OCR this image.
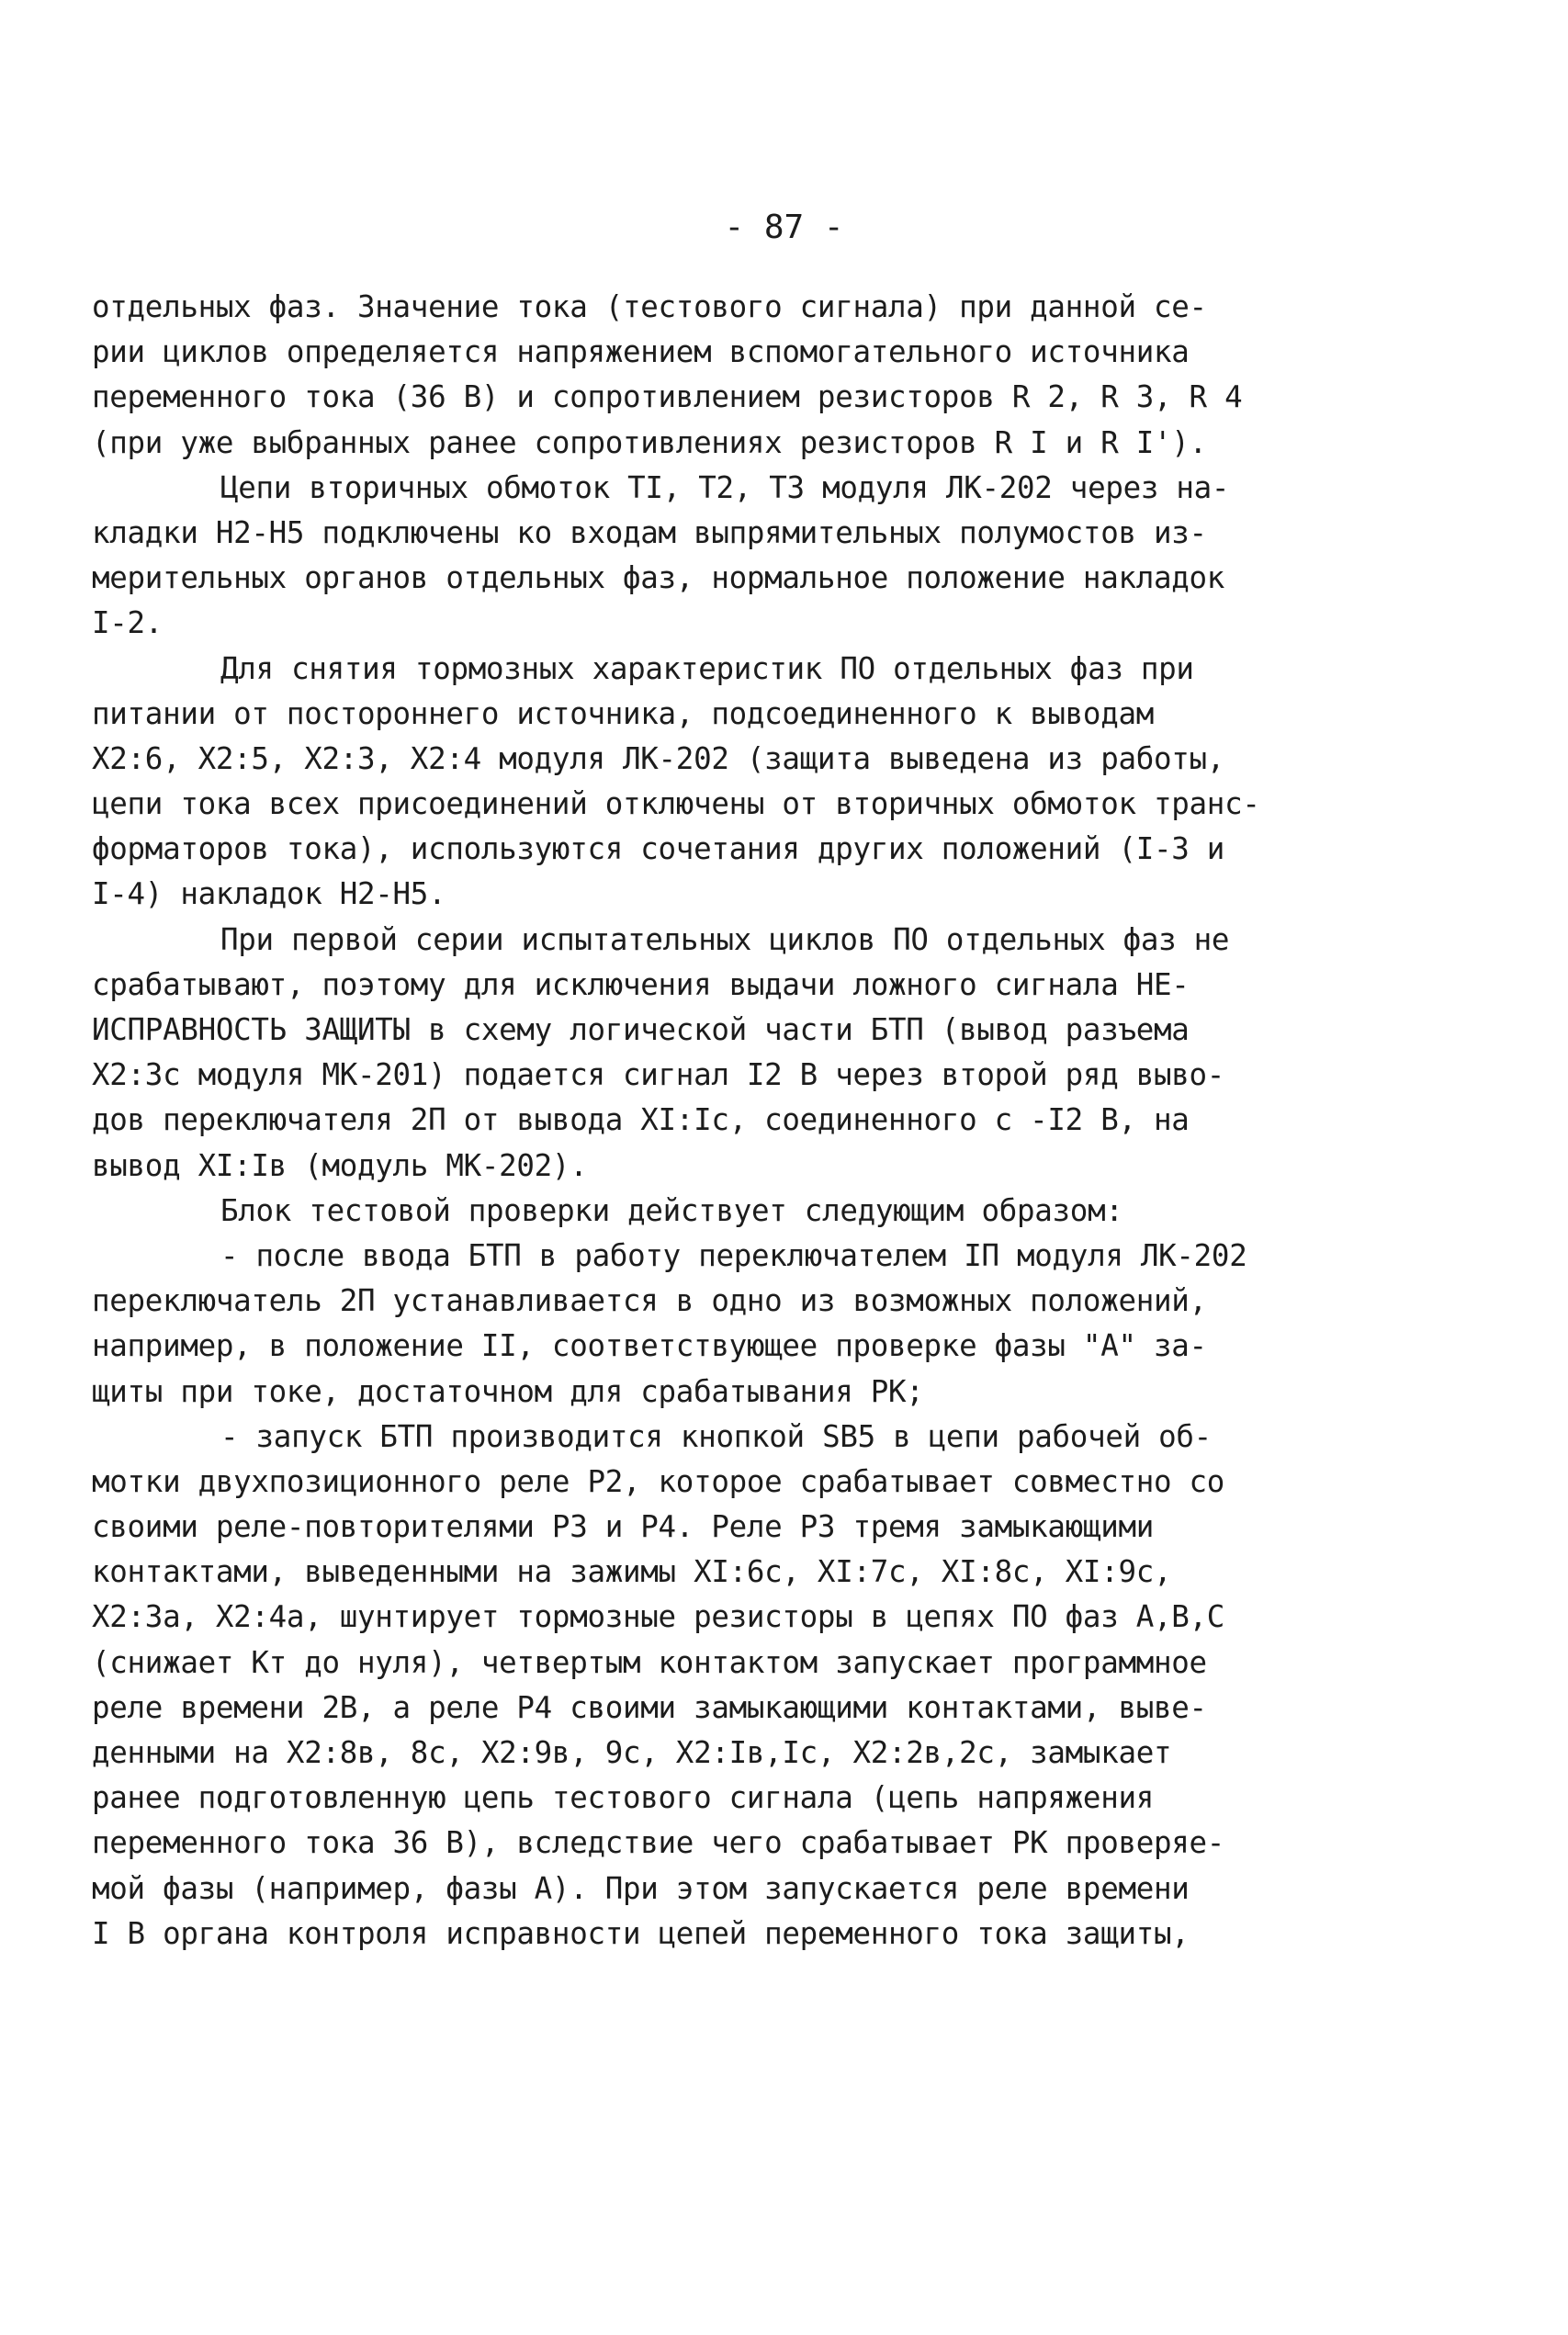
- 87 -
отдельных фаз. Значение тока (тестового сигнала) при данной се-
рии циклов определяется напряжением вспомогательного источника
переменного тока (36 В) и сопротивлением резисторов R 2, R 3, R 4
(при уже выбранных ранее сопротивлениях резисторов R I и R I').
Цепи вторичных обмоток TI, Т2, Т3 модуля ЛК-202 через на-
кладки Н2-Н5 подключены ко входам выпрямительных полумостов из-
мерительных органов отдельных фаз, нормальное положение накладок
I-2.
Для снятия тормозных характеристик ПО отдельных фаз при
питании от постороннего источника, подсоединенного к выводам
Х2:6, Х2:5, Х2:3, Х2:4 модуля ЛК-202 (защита выведена из работы,
цепи тока всех присоединений отключены от вторичных обмоток транс-
форматоров тока), используются сочетания других положений (I-3 и
I-4) накладок Н2-Н5.
При первой серии испытательных циклов ПО отдельных фаз не
срабатывают, поэтому для исключения выдачи ложного сигнала НЕ-
ИСПРАВНОСТЬ ЗАЩИТЫ в схему логической части БТП (вывод разъема
Х2:3с модуля МК-201) подается сигнал I2 В через второй ряд выво-
дов переключателя 2П от вывода XI:Iс, соединенного с -I2 В, на
вывод XI:Iв (модуль МК-202).
Блок тестовой проверки действует следующим образом:
- после ввода БТП в работу переключателем IП модуля ЛК-202
переключатель 2П устанавливается в одно из возможных положений,
например, в положение II, соответствующее проверке фазы "А" за-
щиты при токе, достаточном для срабатывания РК;
- запуск БТП производится кнопкой SB5 в цепи рабочей об-
мотки двухпозиционного реле Р2, которое срабатывает совместно со
своими реле-повторителями Р3 и Р4. Реле Р3 тремя замыкающими
контактами, выведенными на зажимы XI:6с, XI:7с, XI:8с, XI:9с,
Х2:3а, Х2:4а, шунтирует тормозные резисторы в цепях ПО фаз А,В,С
(снижает Кт до нуля), четвертым контактом запускает программное
реле времени 2В, а реле Р4 своими замыкающими контактами, выве-
денными на Х2:8в, 8с, Х2:9в, 9с, Х2:Iв,Iс, Х2:2в,2с, замыкает
ранее подготовленную цепь тестового сигнала (цепь напряжения
переменного тока 36 В), вследствие чего срабатывает РК проверяе-
мой фазы (например, фазы А). При этом запускается реле времени
I В органа контроля исправности цепей переменного тока защиты,
